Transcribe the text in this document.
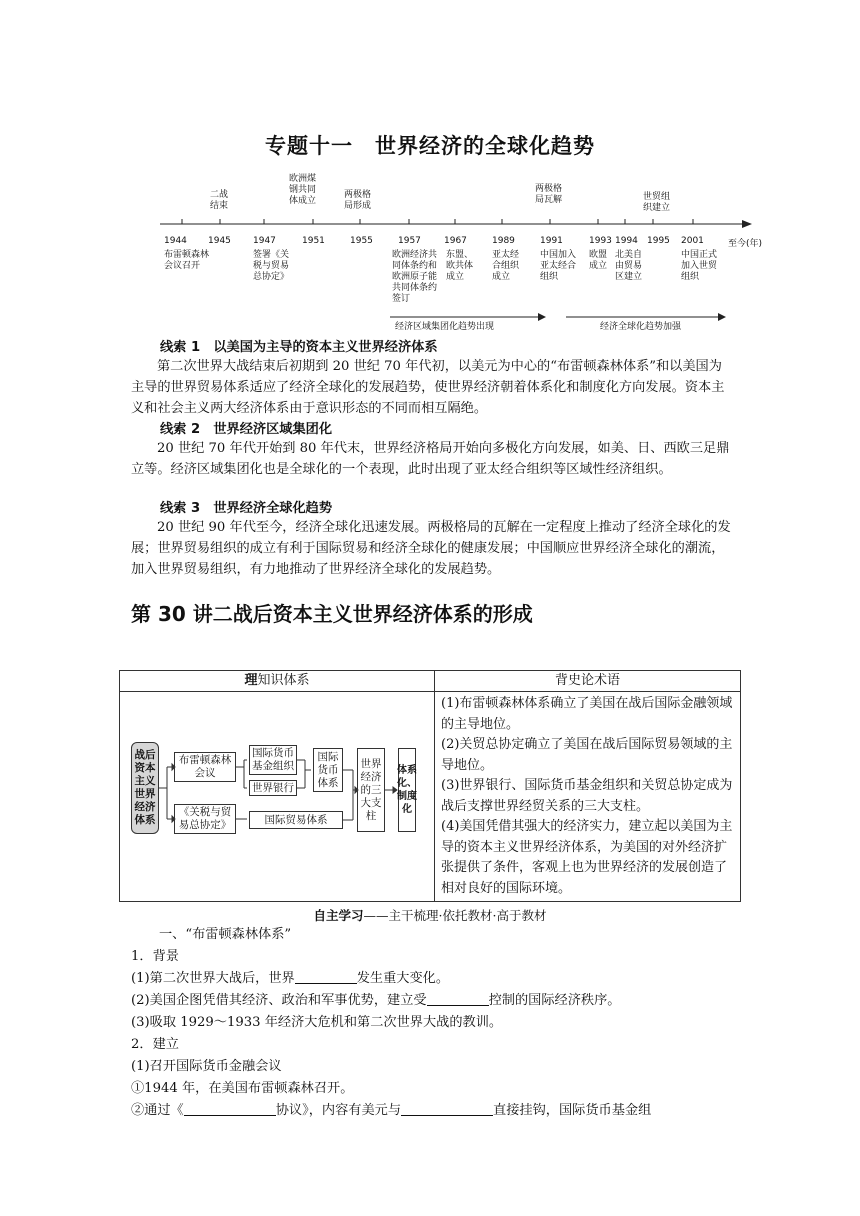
专题十一 世界经济的全球化趋势
二战
结束
欧洲煤
钢共同
体成立
两极格
局形成
两极格
局瓦解	世贸组
织建立
1944 1945 1947	1951	1955	1957	1967	1989	1991	1993 1994 1995 2001	至今(年)
布雷顿森林
会议召开
签署《关
税与贸易
总协定》
欧洲经济共
同体条约和
欧洲原子能
共同体条约
签订
东盟、
欧共体
成立
亚太经
合组织
成立
中国加入
亚太经合
组织
欧盟
成立
北美自
由贸易
区建立
中国正式
加入世贸
组织
经济区域集团化趋势出现	经济全球化趋势加强
线索 1　以美国为主导的资本主义世界经济体系

第二次世界大战结束后初期到 20 世纪 70 年代初，以美元为中心的“布雷顿森林体系”和以美国为主导的世界贸易体系适应了经济全球化的发展趋势，使世界经济朝着体系化和制度化方向发展。资本主义和社会主义两大经济体系由于意识形态的不同而相互隔绝。

线索 2　世界经济区域集团化

20 世纪 70 年代开始到 80 年代末，世界经济格局开始向多极化方向发展，如美、日、西欧三足鼎立等。经济区域集团化也是全球化的一个表现，此时出现了亚太经合组织等区域性经济组织。

线索 3　世界经济全球化趋势

20 世纪 90 年代至今，经济全球化迅速发展。两极格局的瓦解在一定程度上推动了经济全球化的发展；世界贸易组织的成立有利于国际贸易和经济全球化的健康发展；中国顺应世界经济全球化的潮流，加入世界贸易组织，有力地推动了世界经济全球化的发展趋势。

第 30 讲二战后资本主义世界经济体系的形成
理知识体系	背史论术语

	(1)布雷顿森林体系确立了美国在战后国际金融领域的主导地位。
(2)关贸总协定确立了美国在战后国际贸易领域的主导地位。
(3)世界银行、国际货币基金组织和关贸总协定成为战后支撑世界经贸关系的三大支柱。
(4)美国凭借其强大的经济实力，建立起以美国为主导的资本主义世界经济体系，为美国的对外经济扩张提供了条件，客观上也为世界经济的发展创造了相对良好的国际环境。
战后资本主义世界经济体系
布雷顿森林会议
国际货币基金组织
世界银行
国际货币体系
《关税与贸易总协定》	国际贸易体系
世界经济的三大支柱
体系化、制度化
自主学习——主干梳理·依托教材·高于教材
一、“布雷顿森林体系”
1．背景
(1)第二次世界大战后，世界	发生重大变化。
(2)美国企图凭借其经济、政治和军事优势，建立受	控制的国际经济秩序。
(3)吸取 1929～1933 年经济大危机和第二次世界大战的教训。
2．建立
(1)召开国际货币金融会议
①1944 年，在美国布雷顿森林召开。
②通过《	协议》，内容有美元与	直接挂钩，国际货币基金组
